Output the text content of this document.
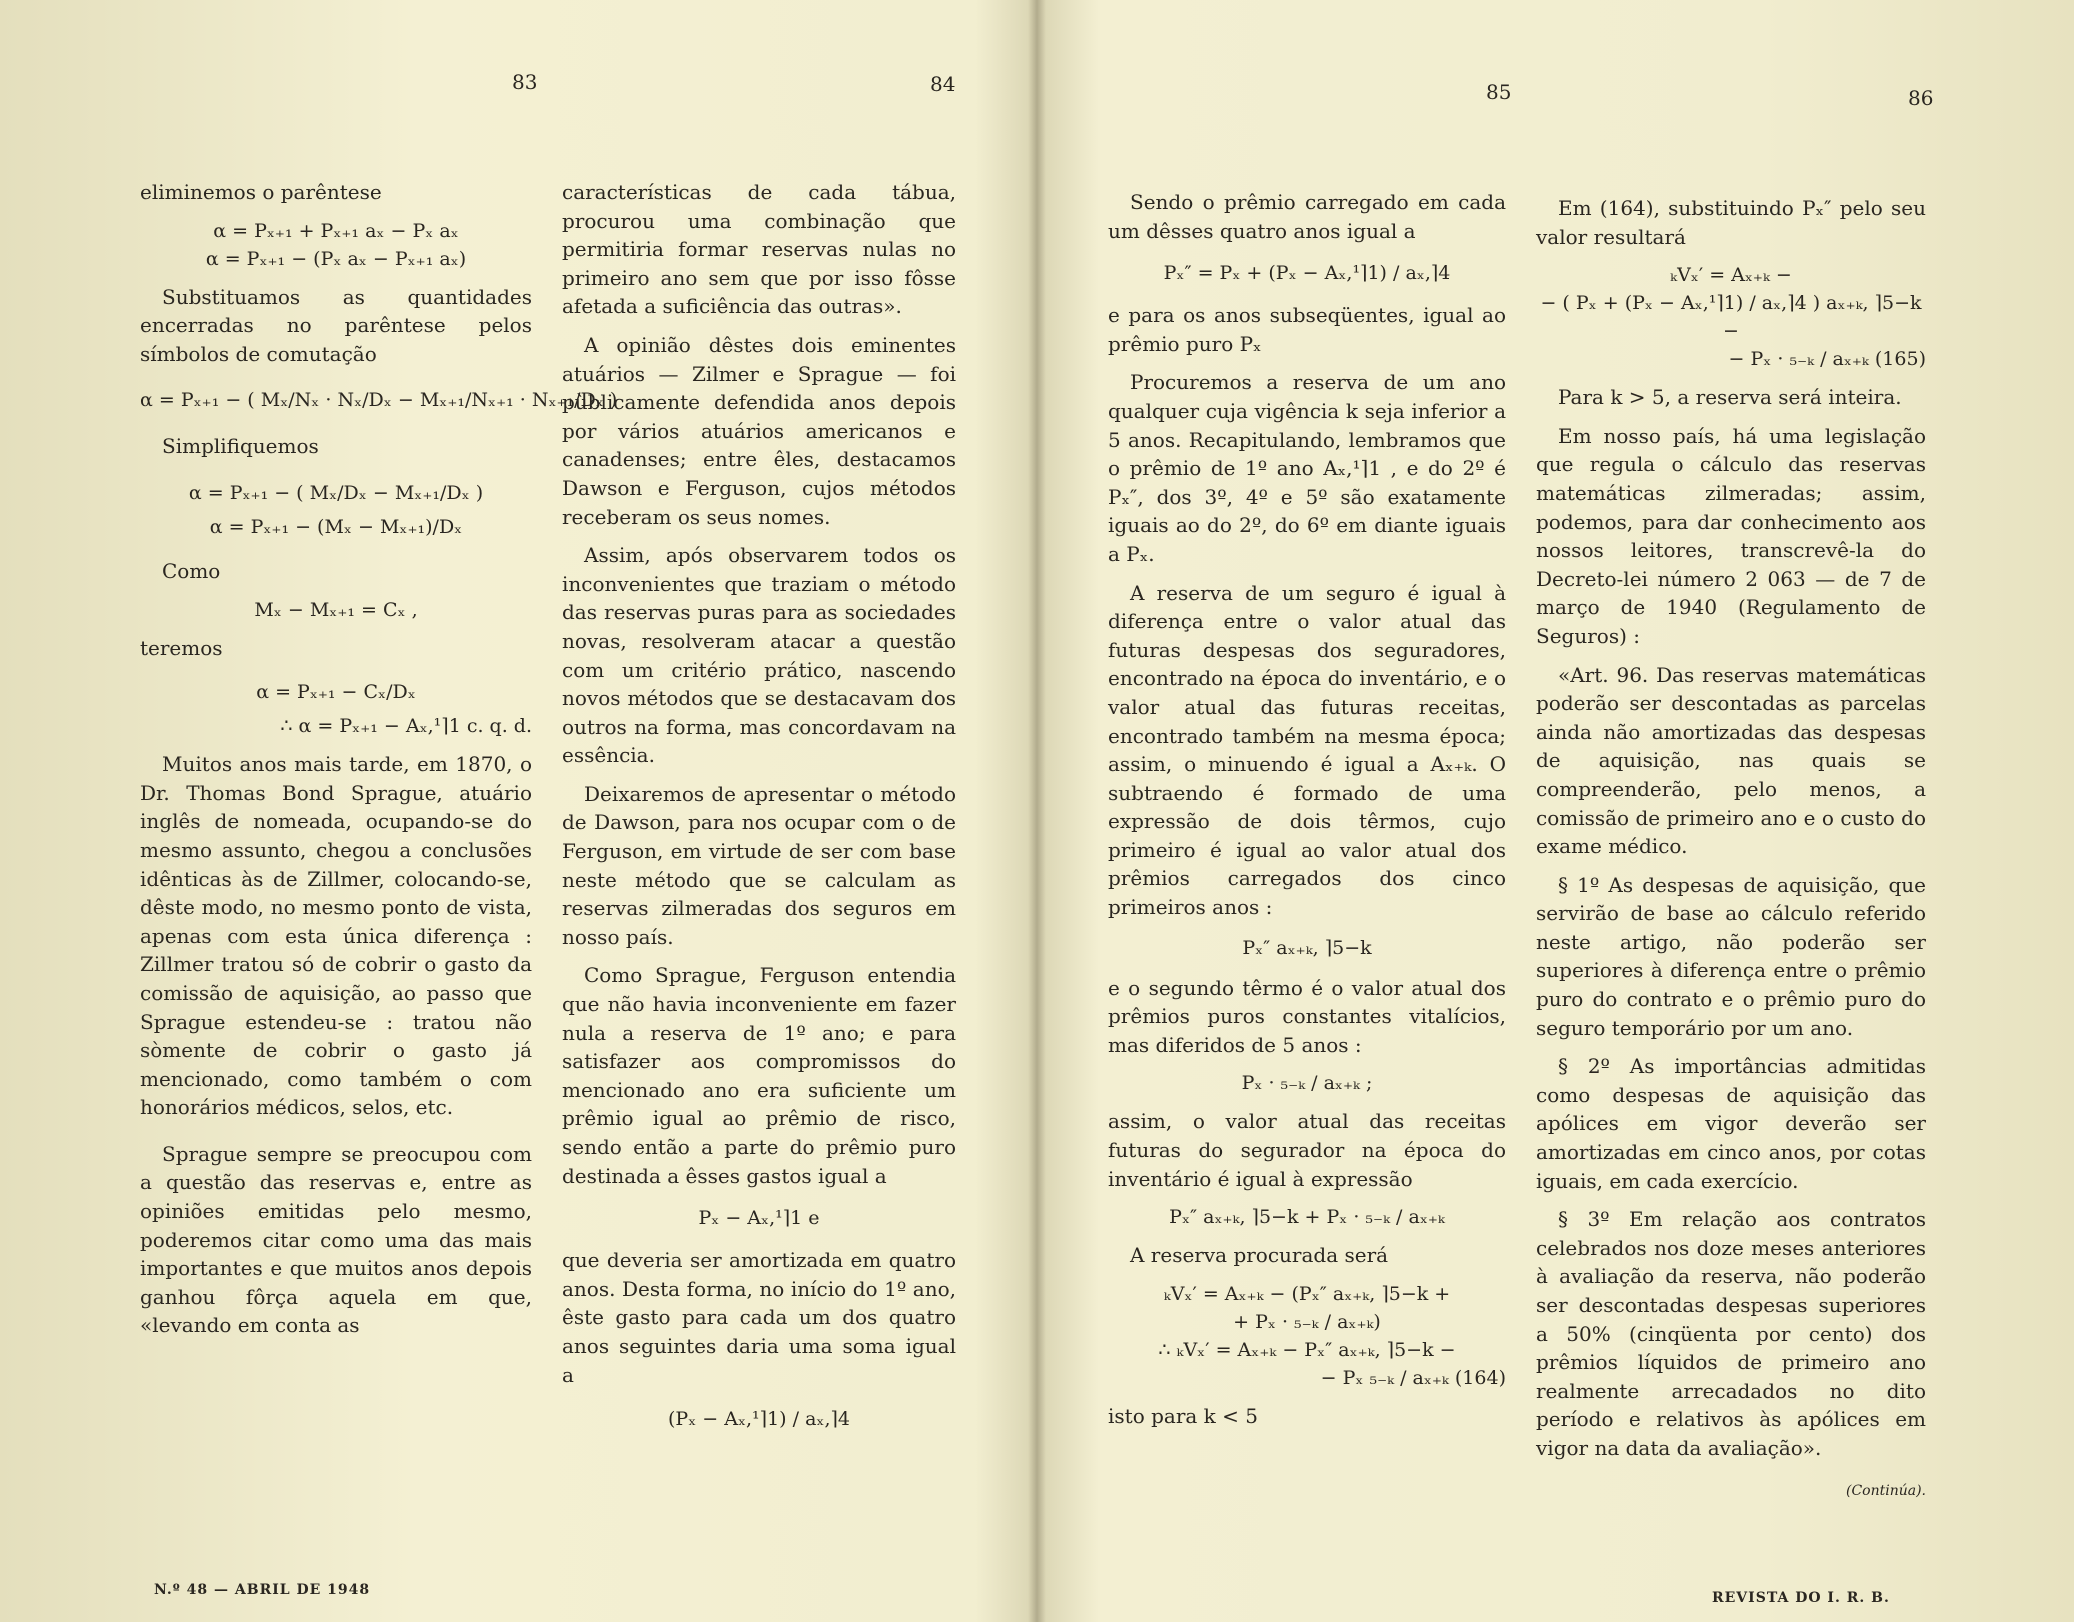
83	84	85	86

eliminemos o parêntese

α = Pₓ₊₁ + Pₓ₊₁ aₓ − Pₓ aₓ
α = Pₓ₊₁ − (Pₓ aₓ − Pₓ₊₁ aₓ)

Substituamos as quantidades encerradas no parêntese pelos símbolos de comutação

α = Pₓ₊₁ − ( Mₓ/Nₓ · Nₓ/Dₓ − Mₓ₊₁/Nₓ₊₁ · Nₓ₊₁/Dₓ )

Simplifiquemos

α = Pₓ₊₁ − ( Mₓ/Dₓ − Mₓ₊₁/Dₓ )
α = Pₓ₊₁ − (Mₓ − Mₓ₊₁)/Dₓ

Como

Mₓ − Mₓ₊₁ = Cₓ ,

teremos

α = Pₓ₊₁ − Cₓ/Dₓ
∴ α = Pₓ₊₁ − Aₓ,¹⌉1 c. q. d.

Muitos anos mais tarde, em 1870, o Dr. Thomas Bond Sprague, atuário inglês de nomeada, ocupando-se do mesmo assunto, chegou a conclusões idênticas às de Zillmer, colocando-se, dêste modo, no mesmo ponto de vista, apenas com esta única diferença : Zillmer tratou só de cobrir o gasto da comissão de aquisição, ao passo que Sprague estendeu-se : tratou não sòmente de cobrir o gasto já mencionado, como também o com honorários médicos, selos, etc.

Sprague sempre se preocupou com a questão das reservas e, entre as opiniões emitidas pelo mesmo, poderemos citar como uma das mais importantes e que muitos anos depois ganhou fôrça aquela em que, «levando em conta as

características de cada tábua, procurou uma combinação que permitiria formar reservas nulas no primeiro ano sem que por isso fôsse afetada a suficiência das outras».

A opinião dêstes dois eminentes atuários — Zilmer e Sprague — foi pùblicamente defendida anos depois por vários atuários americanos e canadenses; entre êles, destacamos Dawson e Ferguson, cujos métodos receberam os seus nomes.

Assim, após observarem todos os inconvenientes que traziam o método das reservas puras para as sociedades novas, resolveram atacar a questão com um critério prático, nascendo novos métodos que se destacavam dos outros na forma, mas concordavam na essência.

Deixaremos de apresentar o método de Dawson, para nos ocupar com o de Ferguson, em virtude de ser com base neste método que se calculam as reservas zilmeradas dos seguros em nosso país.

Como Sprague, Ferguson entendia que não havia inconveniente em fazer nula a reserva de 1º ano; e para satisfazer aos compromissos do mencionado ano era suficiente um prêmio igual ao prêmio de risco, sendo então a parte do prêmio puro destinada a êsses gastos igual a

Pₓ − Aₓ,¹⌉1 e

que deveria ser amortizada em quatro anos. Desta forma, no início do 1º ano, êste gasto para cada um dos quatro anos seguintes daria uma soma igual a

(Pₓ − Aₓ,¹⌉1) / aₓ,⌉4

Sendo o prêmio carregado em cada um dêsses quatro anos igual a

Pₓ″ = Pₓ + (Pₓ − Aₓ,¹⌉1) / aₓ,⌉4

e para os anos subseqüentes, igual ao prêmio puro Pₓ

Procuremos a reserva de um ano qualquer cuja vigência k seja inferior a 5 anos. Recapitulando, lembramos que o prêmio de 1º ano Aₓ,¹⌉1 , e do 2º é Pₓ″, dos 3º, 4º e 5º são exatamente iguais ao do 2º, do 6º em diante iguais a Pₓ.

A reserva de um seguro é igual à diferença entre o valor atual das futuras despesas dos seguradores, encontrado na época do inventário, e o valor atual das futuras receitas, encontrado também na mesma época; assim, o minuendo é igual a Aₓ₊ₖ. O subtraendo é formado de uma expressão de dois têrmos, cujo primeiro é igual ao valor atual dos prêmios carregados dos cinco primeiros anos :

Pₓ″ aₓ₊ₖ, ⌉5−k

e o segundo têrmo é o valor atual dos prêmios puros constantes vitalícios, mas diferidos de 5 anos :

Pₓ · ₅₋ₖ / aₓ₊ₖ ;

assim, o valor atual das receitas futuras do segurador na época do inventário é igual à expressão

Pₓ″ aₓ₊ₖ, ⌉5−k + Pₓ · ₅₋ₖ / aₓ₊ₖ

A reserva procurada será

ₖVₓ′ = Aₓ₊ₖ − (Pₓ″ aₓ₊ₖ, ⌉5−k +
+ Pₓ · ₅₋ₖ / aₓ₊ₖ)
∴ ₖVₓ′ = Aₓ₊ₖ − Pₓ″ aₓ₊ₖ, ⌉5−k −
− Pₓ ₅₋ₖ / aₓ₊ₖ (164)

isto para k < 5

Em (164), substituindo Pₓ″ pelo seu valor resultará

ₖVₓ′ = Aₓ₊ₖ −
− ( Pₓ + (Pₓ − Aₓ,¹⌉1) / aₓ,⌉4 ) aₓ₊ₖ, ⌉5−k −
− Pₓ · ₅₋ₖ / aₓ₊ₖ (165)

Para k > 5, a reserva será inteira.

Em nosso país, há uma legislação que regula o cálculo das reservas matemáticas zilmeradas; assim, podemos, para dar conhecimento aos nossos leitores, transcrevê-la do Decreto-lei número 2 063 — de 7 de março de 1940 (Regulamento de Seguros) :

«Art. 96. Das reservas matemáticas poderão ser descontadas as parcelas ainda não amortizadas das despesas de aquisição, nas quais se compreenderão, pelo menos, a comissão de primeiro ano e o custo do exame médico.

§ 1º As despesas de aquisição, que servirão de base ao cálculo referido neste artigo, não poderão ser superiores à diferença entre o prêmio puro do contrato e o prêmio puro do seguro temporário por um ano.

§ 2º As importâncias admitidas como despesas de aquisição das apólices em vigor deverão ser amortizadas em cinco anos, por cotas iguais, em cada exercício.

§ 3º Em relação aos contratos celebrados nos doze meses anteriores à avaliação da reserva, não poderão ser descontadas despesas superiores a 50% (cinqüenta por cento) dos prêmios líquidos de primeiro ano realmente arrecadados no dito período e relativos às apólices em vigor na data da avaliação».

(Continúa).
N.º 48 — ABRIL DE 1948	REVISTA DO I. R. B.
